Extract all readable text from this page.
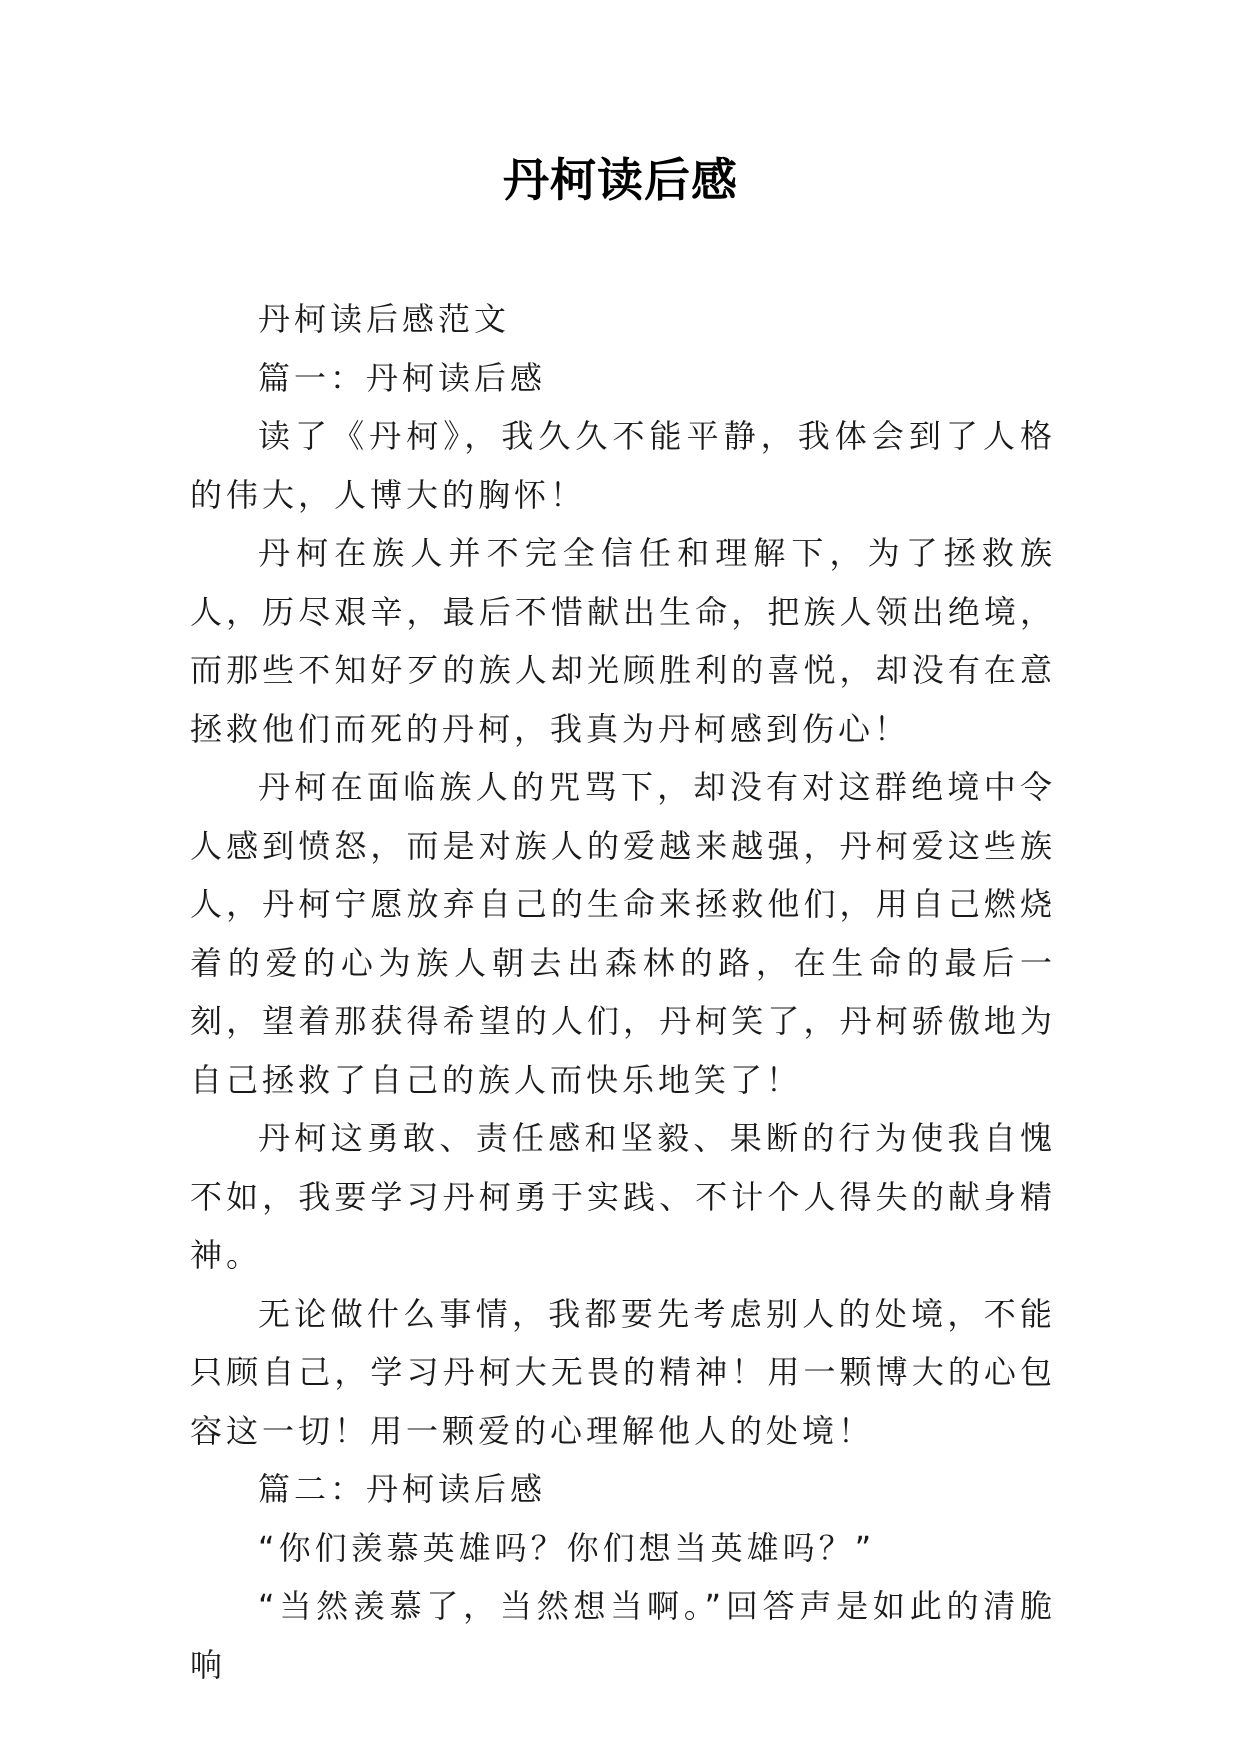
丹柯读后感

丹柯读后感范文

篇一：丹柯读后感

读了《丹柯》，我久久不能平静，我体会到了人格的伟大，人博大的胸怀！

丹柯在族人并不完全信任和理解下，为了拯救族人，历尽艰辛，最后不惜献出生命，把族人领出绝境，而那些不知好歹的族人却光顾胜利的喜悦，却没有在意拯救他们而死的丹柯，我真为丹柯感到伤心！

丹柯在面临族人的咒骂下，却没有对这群绝境中令人感到愤怒，而是对族人的爱越来越强，丹柯爱这些族人，丹柯宁愿放弃自己的生命来拯救他们，用自己燃烧着的爱的心为族人朝去出森林的路，在生命的最后一刻，望着那获得希望的人们，丹柯笑了，丹柯骄傲地为自己拯救了自己的族人而快乐地笑了！

丹柯这勇敢、责任感和坚毅、果断的行为使我自愧不如，我要学习丹柯勇于实践、不计个人得失的献身精神。

无论做什么事情，我都要先考虑别人的处境，不能只顾自己，学习丹柯大无畏的精神！用一颗博大的心包容这一切！用一颗爱的心理解他人的处境！

篇二：丹柯读后感

“你们羡慕英雄吗？你们想当英雄吗？”

“当然羡慕了，当然想当啊。”回答声是如此的清脆响
